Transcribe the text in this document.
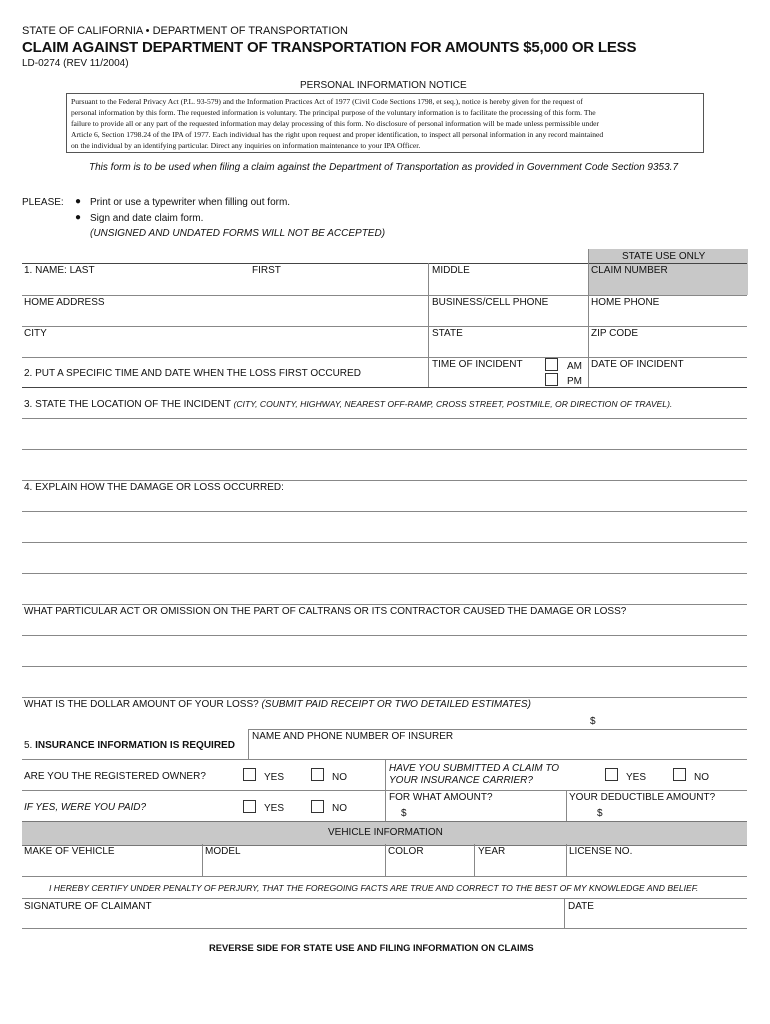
STATE OF CALIFORNIA • DEPARTMENT OF TRANSPORTATION
CLAIM AGAINST DEPARTMENT OF TRANSPORTATION FOR AMOUNTS $5,000 OR LESS
LD-0274 (REV 11/2004)
PERSONAL INFORMATION NOTICE
Pursuant to the Federal Privacy Act (P.L. 93-579) and the Information Practices Act of 1977 (Civil Code Sections 1798, et seq.), notice is hereby given for the request of
personal information by this form. The requested information is voluntary. The principal purpose of the voluntary information is to facilitate the processing of this form. The
failure to provide all or any part of the requested information may delay processing of this form. No disclosure of personal information will be made unless permissible under
Article 6, Section 1798.24 of the IPA of 1977. Each individual has the right upon request and proper identification, to inspect all personal information in any record maintained
on the individual by an identifying particular. Direct any inquiries on information maintenance to your IPA Officer.
This form is to be used when filing a claim against the Department of Transportation as provided in Government Code Section 9353.7
PLEASE: ● Print or use a typewriter when filling out form.
● Sign and date claim form.
(UNSIGNED AND UNDATED FORMS WILL NOT BE ACCEPTED)
STATE USE ONLY
CLAIM NUMBER
1. NAME: LAST	FIRST	MIDDLE
HOME ADDRESS	BUSINESS/CELL PHONE	HOME PHONE
CITY	STATE	ZIP CODE
2. PUT A SPECIFIC TIME AND DATE WHEN THE LOSS FIRST OCCURED
TIME OF INCIDENT	AM
PM
DATE OF INCIDENT
3. STATE THE LOCATION OF THE INCIDENT (CITY, COUNTY, HIGHWAY, NEAREST OFF-RAMP, CROSS STREET, POSTMILE, OR DIRECTION OF TRAVEL).
4. EXPLAIN HOW THE DAMAGE OR LOSS OCCURRED:
WHAT PARTICULAR ACT OR OMISSION ON THE PART OF CALTRANS OR ITS CONTRACTOR CAUSED THE DAMAGE OR LOSS?
WHAT IS THE DOLLAR AMOUNT OF YOUR LOSS? (SUBMIT PAID RECEIPT OR TWO DETAILED ESTIMATES)
$
5. INSURANCE INFORMATION IS REQUIRED
NAME AND PHONE NUMBER OF INSURER
ARE YOU THE REGISTERED OWNER?	YES	NO
HAVE YOU SUBMITTED A CLAIM TO
YOUR INSURANCE CARRIER?	YES	NO
IF YES, WERE YOU PAID?	YES	NO
FOR WHAT AMOUNT?
$
YOUR DEDUCTIBLE AMOUNT?
$
VEHICLE INFORMATION
MAKE OF VEHICLE	MODEL	COLOR	YEAR	LICENSE NO.
I HEREBY CERTIFY UNDER PENALTY OF PERJURY, THAT THE FOREGOING FACTS ARE TRUE AND CORRECT TO THE BEST OF MY KNOWLEDGE AND BELIEF.
SIGNATURE OF CLAIMANT	DATE
REVERSE SIDE FOR STATE USE AND FILING INFORMATION ON CLAIMS
